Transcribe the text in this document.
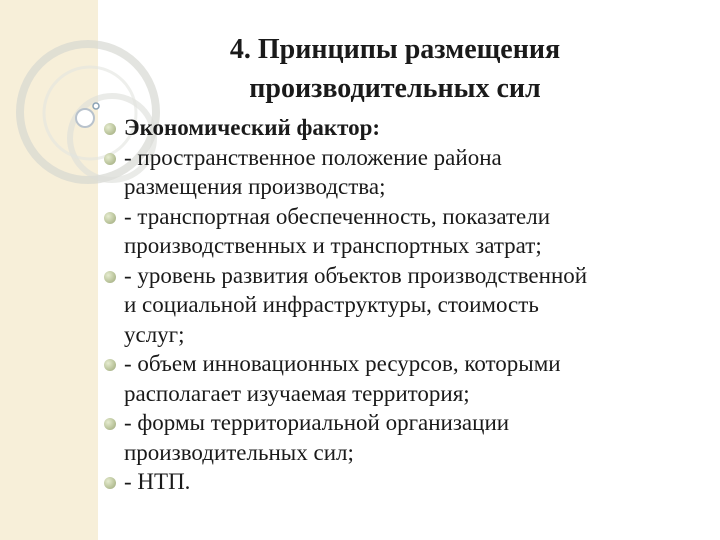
4. Принципы размещения
производительных сил
Экономический фактор:
- пространственное положение района
размещения производства;
- транспортная обеспеченность, показатели
производственных и транспортных затрат;
- уровень развития объектов производственной
и социальной инфраструктуры, стоимость
услуг;
- объем инновационных ресурсов, которыми
располагает изучаемая территория;
- формы территориальной организации
производительных сил;
- НТП.
